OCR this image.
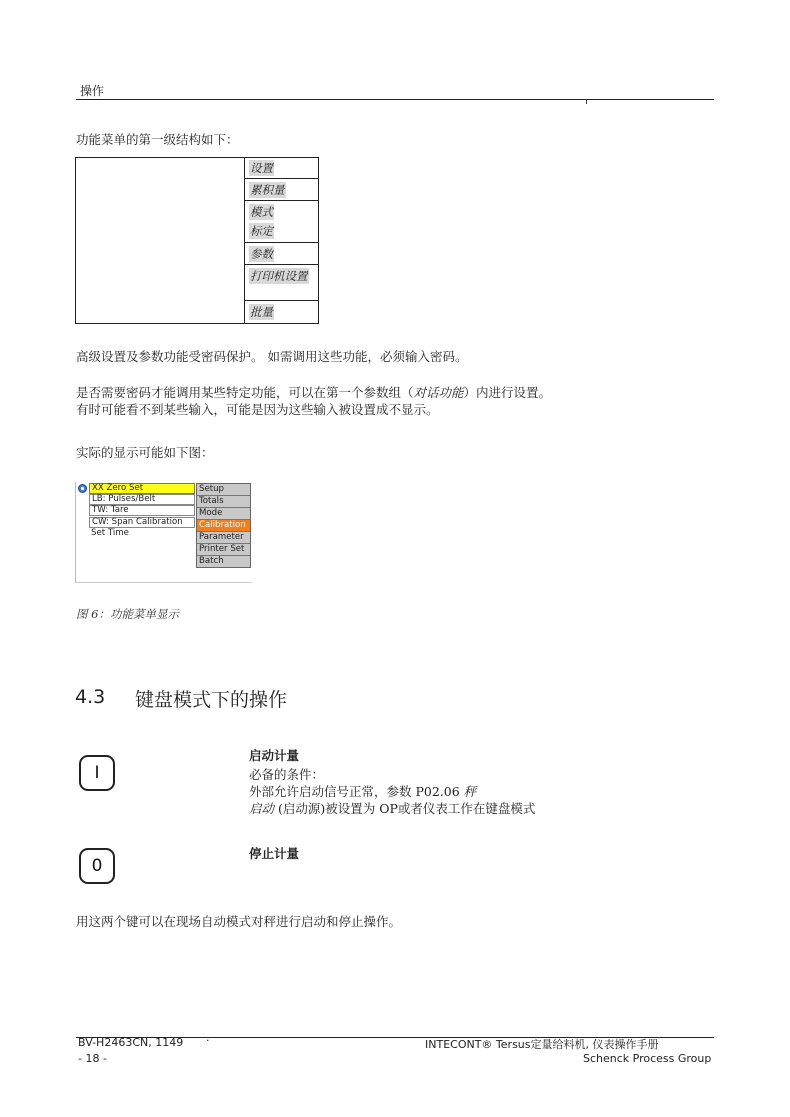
操作
功能菜单的第一级结构如下：
设置
累积量
模式
标定
参数
打印机设置
批量
高级设置及参数功能受密码保护。 如需调用这些功能，必须输入密码。
是否需要密码才能调用某些特定功能，可以在第一个参数组（对话功能）内进行设置。
有时可能看不到某些输入，可能是因为这些输入被设置成不显示。
实际的显示可能如下图：
XX Zero Set
LB: Pulses/Belt
TW: Tare
CW: Span Calibration
Set Time
Setup
Totals
Mode
Calibration
Parameter
Printer Set
Batch
图 6：功能菜单显示
4.3 键盘模式下的操作
I
启动计量
必备的条件：
外部允许启动信号正常，参数 P02.06 秤
启动 (启动源)被设置为 OP或者仪表工作在键盘模式
0
停止计量
用这两个键可以在现场自动模式对秤进行启动和停止操作。
BV-H2463CN, 1149 ·	INTECONT® Tersus定量给料机, 仪表操作手册
- 18 -	Schenck Process Group
